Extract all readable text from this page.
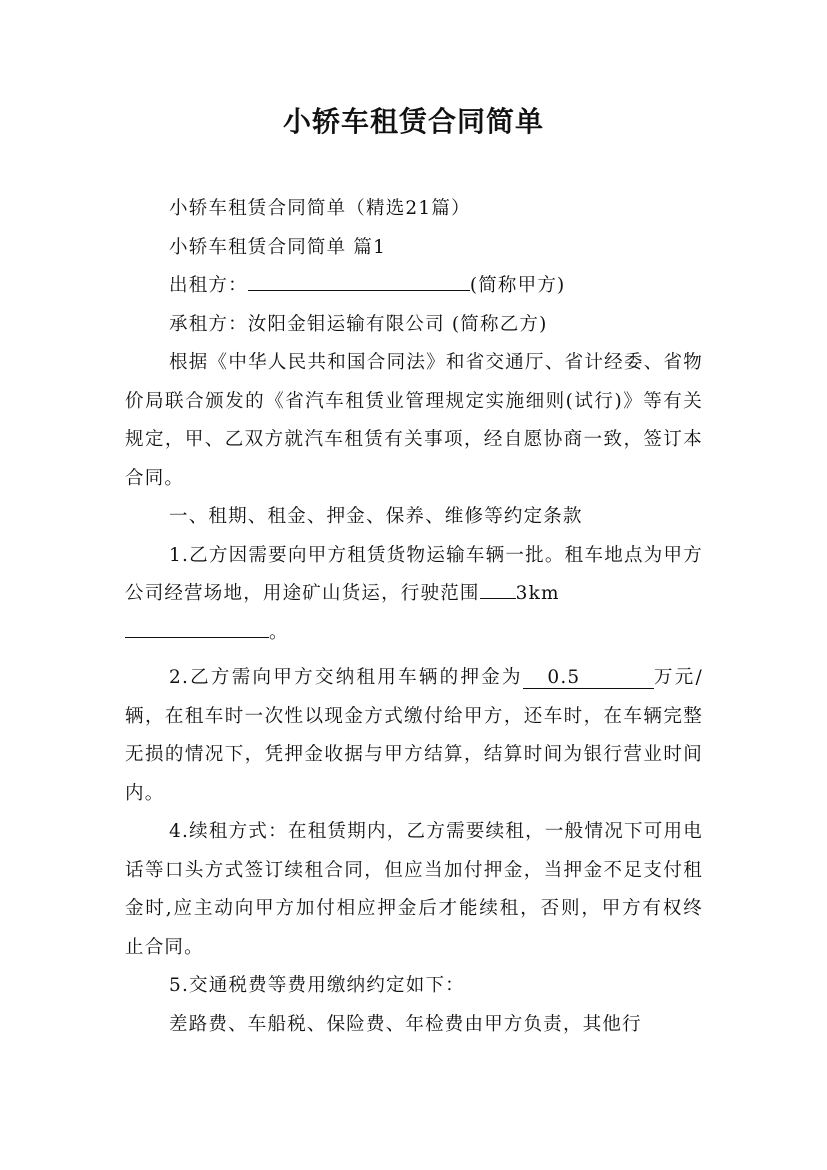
小轿车租赁合同简单

小轿车租赁合同简单（精选21篇）

小轿车租赁合同简单 篇1

出租方：	(简称甲方)

承租方：汝阳金钼运输有限公司 (简称乙方)

根据《中华人民共和国合同法》和省交通厅、省计经委、省物价局联合颁发的《省汽车租赁业管理规定实施细则(试行)》等有关规定，甲、乙双方就汽车租赁有关事项，经自愿协商一致，签订本合同。

一、租期、租金、押金、保养、维修等约定条款

1.乙方因需要向甲方租赁货物运输车辆一批。租车地点为甲方公司经营场地，用途矿山货运，行驶范围 3km
。

2.乙方需向甲方交纳租用车辆的押金为 0.5	万元/辆，在租车时一次性以现金方式缴付给甲方，还车时，在车辆完整无损的情况下，凭押金收据与甲方结算，结算时间为银行营业时间内。

4.续租方式：在租赁期内，乙方需要续租，一般情况下可用电话等口头方式签订续租合同，但应当加付押金，当押金不足支付租金时,应主动向甲方加付相应押金后才能续租，否则，甲方有权终止合同。

5.交通税费等费用缴纳约定如下：

差路费、车船税、保险费、年检费由甲方负责，其他行
